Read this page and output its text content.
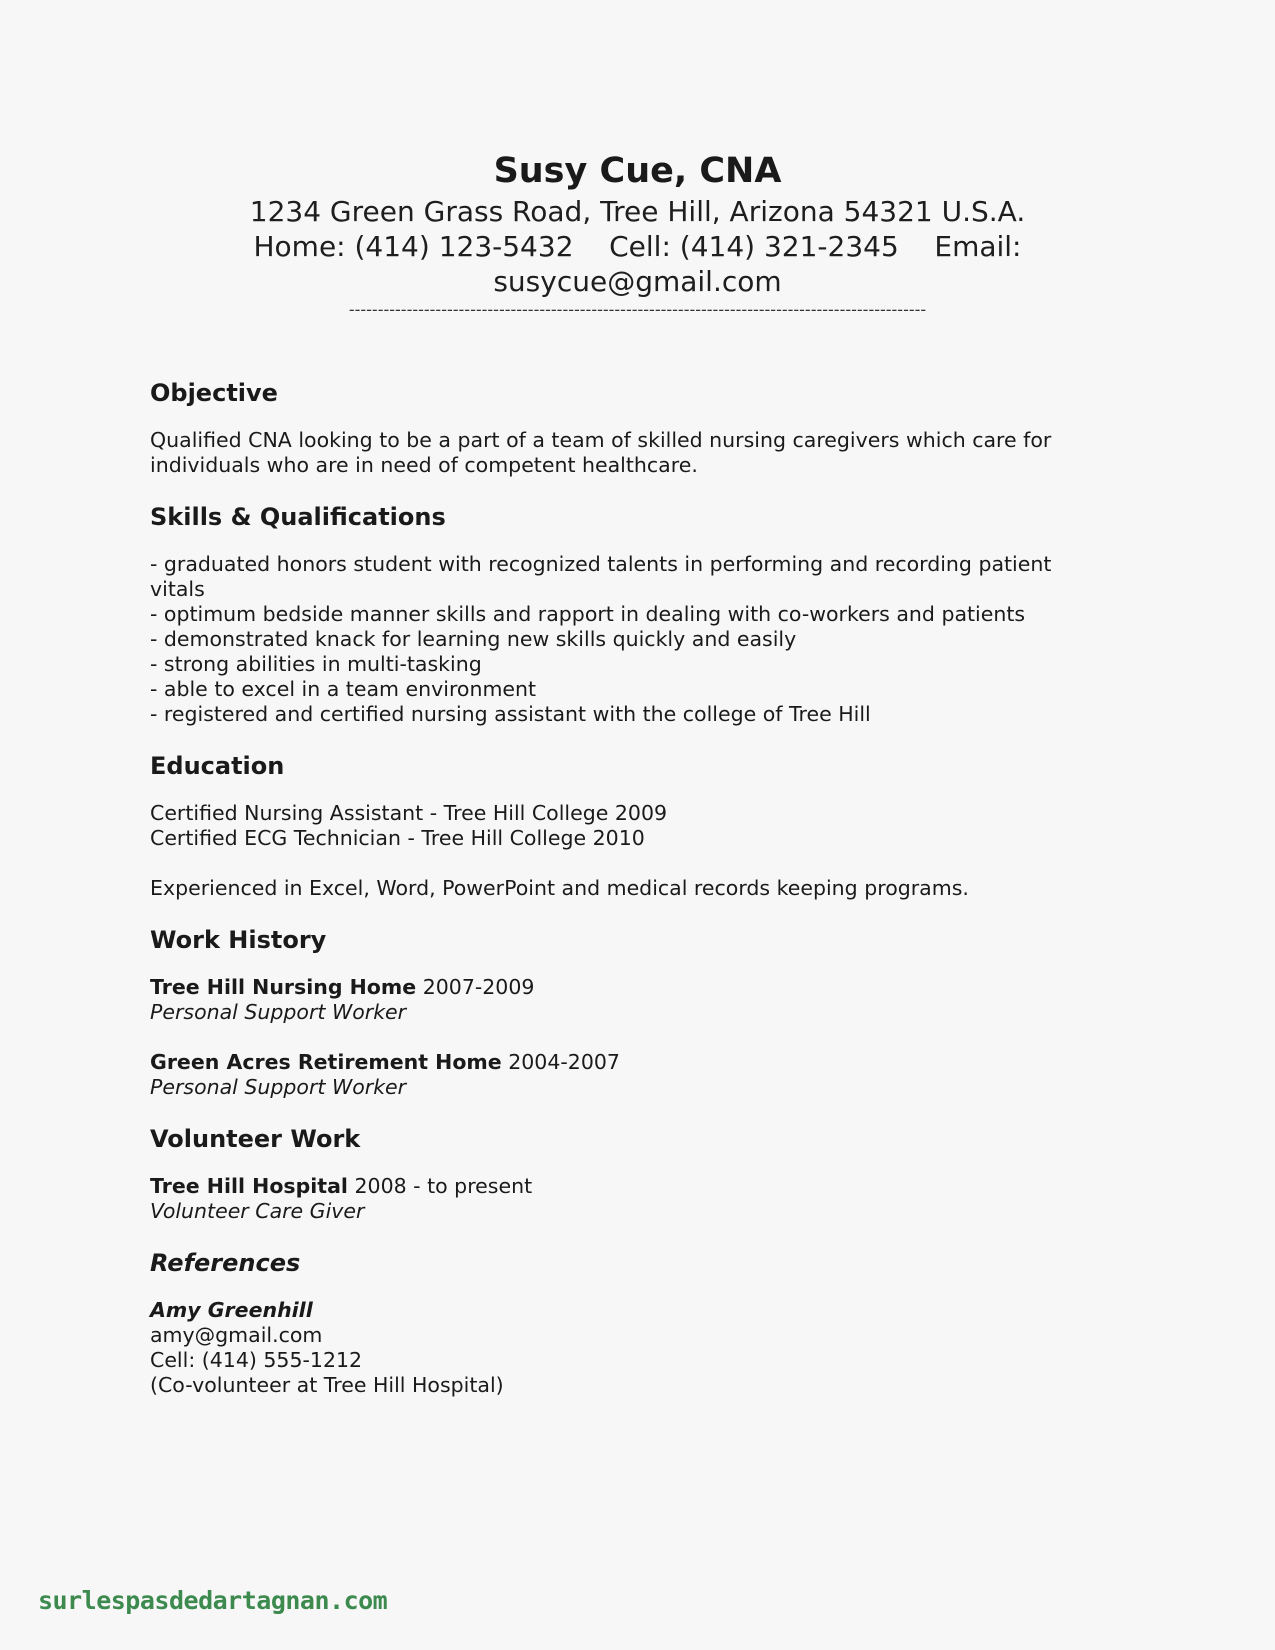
Susy Cue, CNA

1234 Green Grass Road, Tree Hill, Arizona 54321 U.S.A.

Home: (414) 123-5432    Cell: (414) 321-2345    Email:

susycue@gmail.com

----------------------------------------------------------------------------------------------------

Objective

Qualified CNA looking to be a part of a team of skilled nursing caregivers which care for

individuals who are in need of competent healthcare.

Skills & Qualifications

- graduated honors student with recognized talents in performing and recording patient

vitals

- optimum bedside manner skills and rapport in dealing with co-workers and patients

- demonstrated knack for learning new skills quickly and easily

- strong abilities in multi-tasking

- able to excel in a team environment

- registered and certified nursing assistant with the college of Tree Hill

Education

Certified Nursing Assistant - Tree Hill College 2009

Certified ECG Technician - Tree Hill College 2010

Experienced in Excel, Word, PowerPoint and medical records keeping programs.

Work History

Tree Hill Nursing Home 2007-2009

Personal Support Worker

Green Acres Retirement Home 2004-2007

Personal Support Worker

Volunteer Work

Tree Hill Hospital 2008 - to present

Volunteer Care Giver

References

Amy Greenhill

amy@gmail.com

Cell: (414) 555-1212

(Co-volunteer at Tree Hill Hospital)

surlespasdedartagnan.com
